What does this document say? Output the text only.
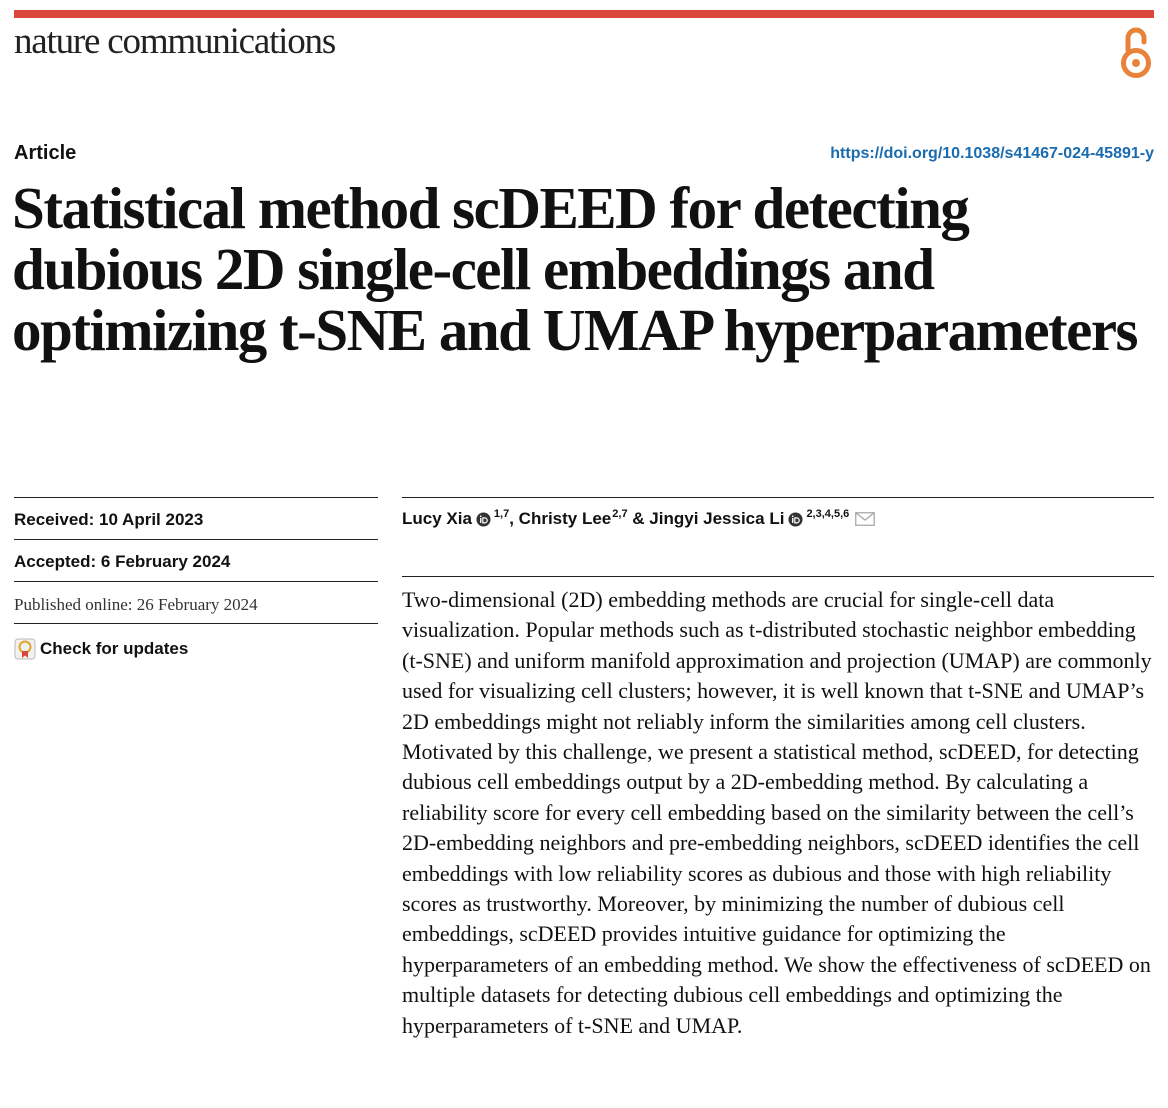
nature communications
Article	https://doi.org/10.1038/s41467-024-45891-y
Statistical method scDEED for detecting dubious 2D single-cell embeddings and optimizing t-SNE and UMAP hyperparameters
Received: 10 April 2023
Accepted: 6 February 2024
Published online: 26 February 2024
Check for updates
Lucy Xia $^{1,7}$ , Christy Lee$^{2,7}$ & Jingyi Jessica Li $^{2,3,4,5,6}$

Two-dimensional (2D) embedding methods are crucial for single-cell data visualization. Popular methods such as t-distributed stochastic neighbor embedding (t-SNE) and uniform manifold approximation and projection (UMAP) are commonly used for visualizing cell clusters; however, it is well known that t-SNE and UMAP’s 2D embeddings might not reliably inform the similarities among cell clusters. Motivated by this challenge, we present a statistical method, scDEED, for detecting dubious cell embeddings output by a 2D-embedding method. By calculating a reliability score for every cell embedding based on the similarity between the cell’s 2D-embedding neighbors and pre-embedding neighbors, scDEED identifies the cell embeddings with low reliability scores as dubious and those with high reliability scores as trustworthy. Moreover, by minimizing the number of dubious cell embeddings, scDEED provides intuitive guidance for optimizing the hyperparameters of an embedding method. We show the effectiveness of scDEED on multiple datasets for detecting dubious cell embeddings and optimizing the hyperparameters of t-SNE and UMAP.
